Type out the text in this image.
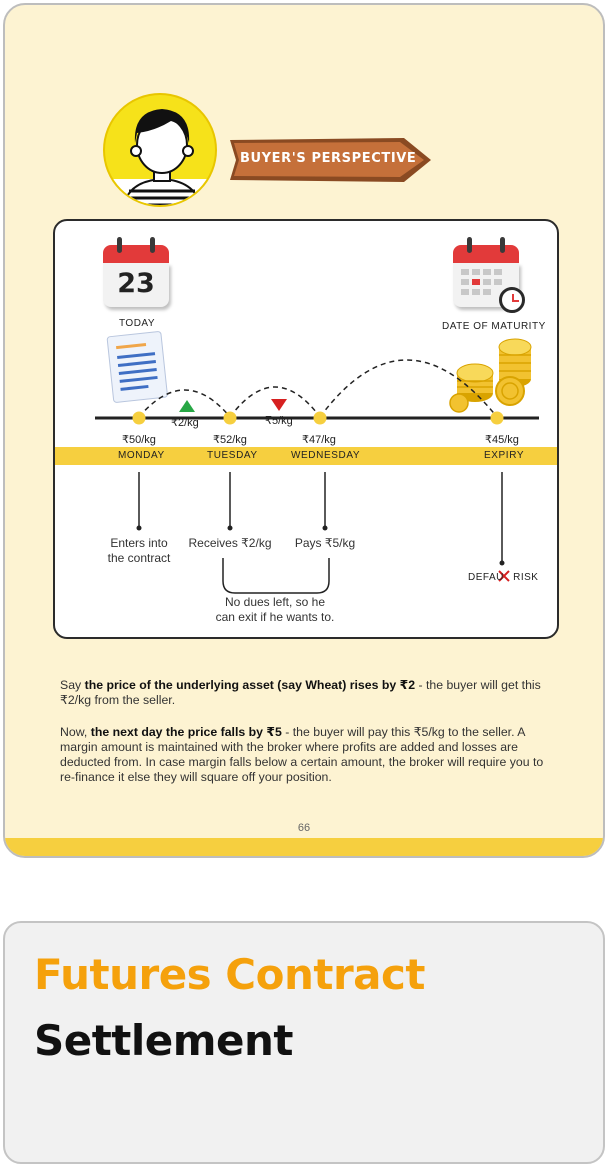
BUYER'S PERSPECTIVE
23
TODAY	DATE OF MATURITY
₹2/kg	₹5/kg
₹50/kg	₹52/kg	₹47/kg	₹45/kg
MONDAY	TUESDAY	WEDNESDAY	EXPIRY
Enters into
the contract
Receives ₹2/kg	Pays ₹5/kg
No dues left, so he
can exit if he wants to.
DEFAU RISK
Say the price of the underlying asset (say Wheat) rises by ₹2 - the buyer will get this ₹2/kg from the seller.
Now, the next day the price falls by ₹5 - the buyer will pay this ₹5/kg to the seller. A margin amount is maintained with the broker where profits are added and losses are deducted from. In case margin falls below a certain amount, the broker will require you to re-finance it else they will square off your position.
66
Futures Contract
Settlement
